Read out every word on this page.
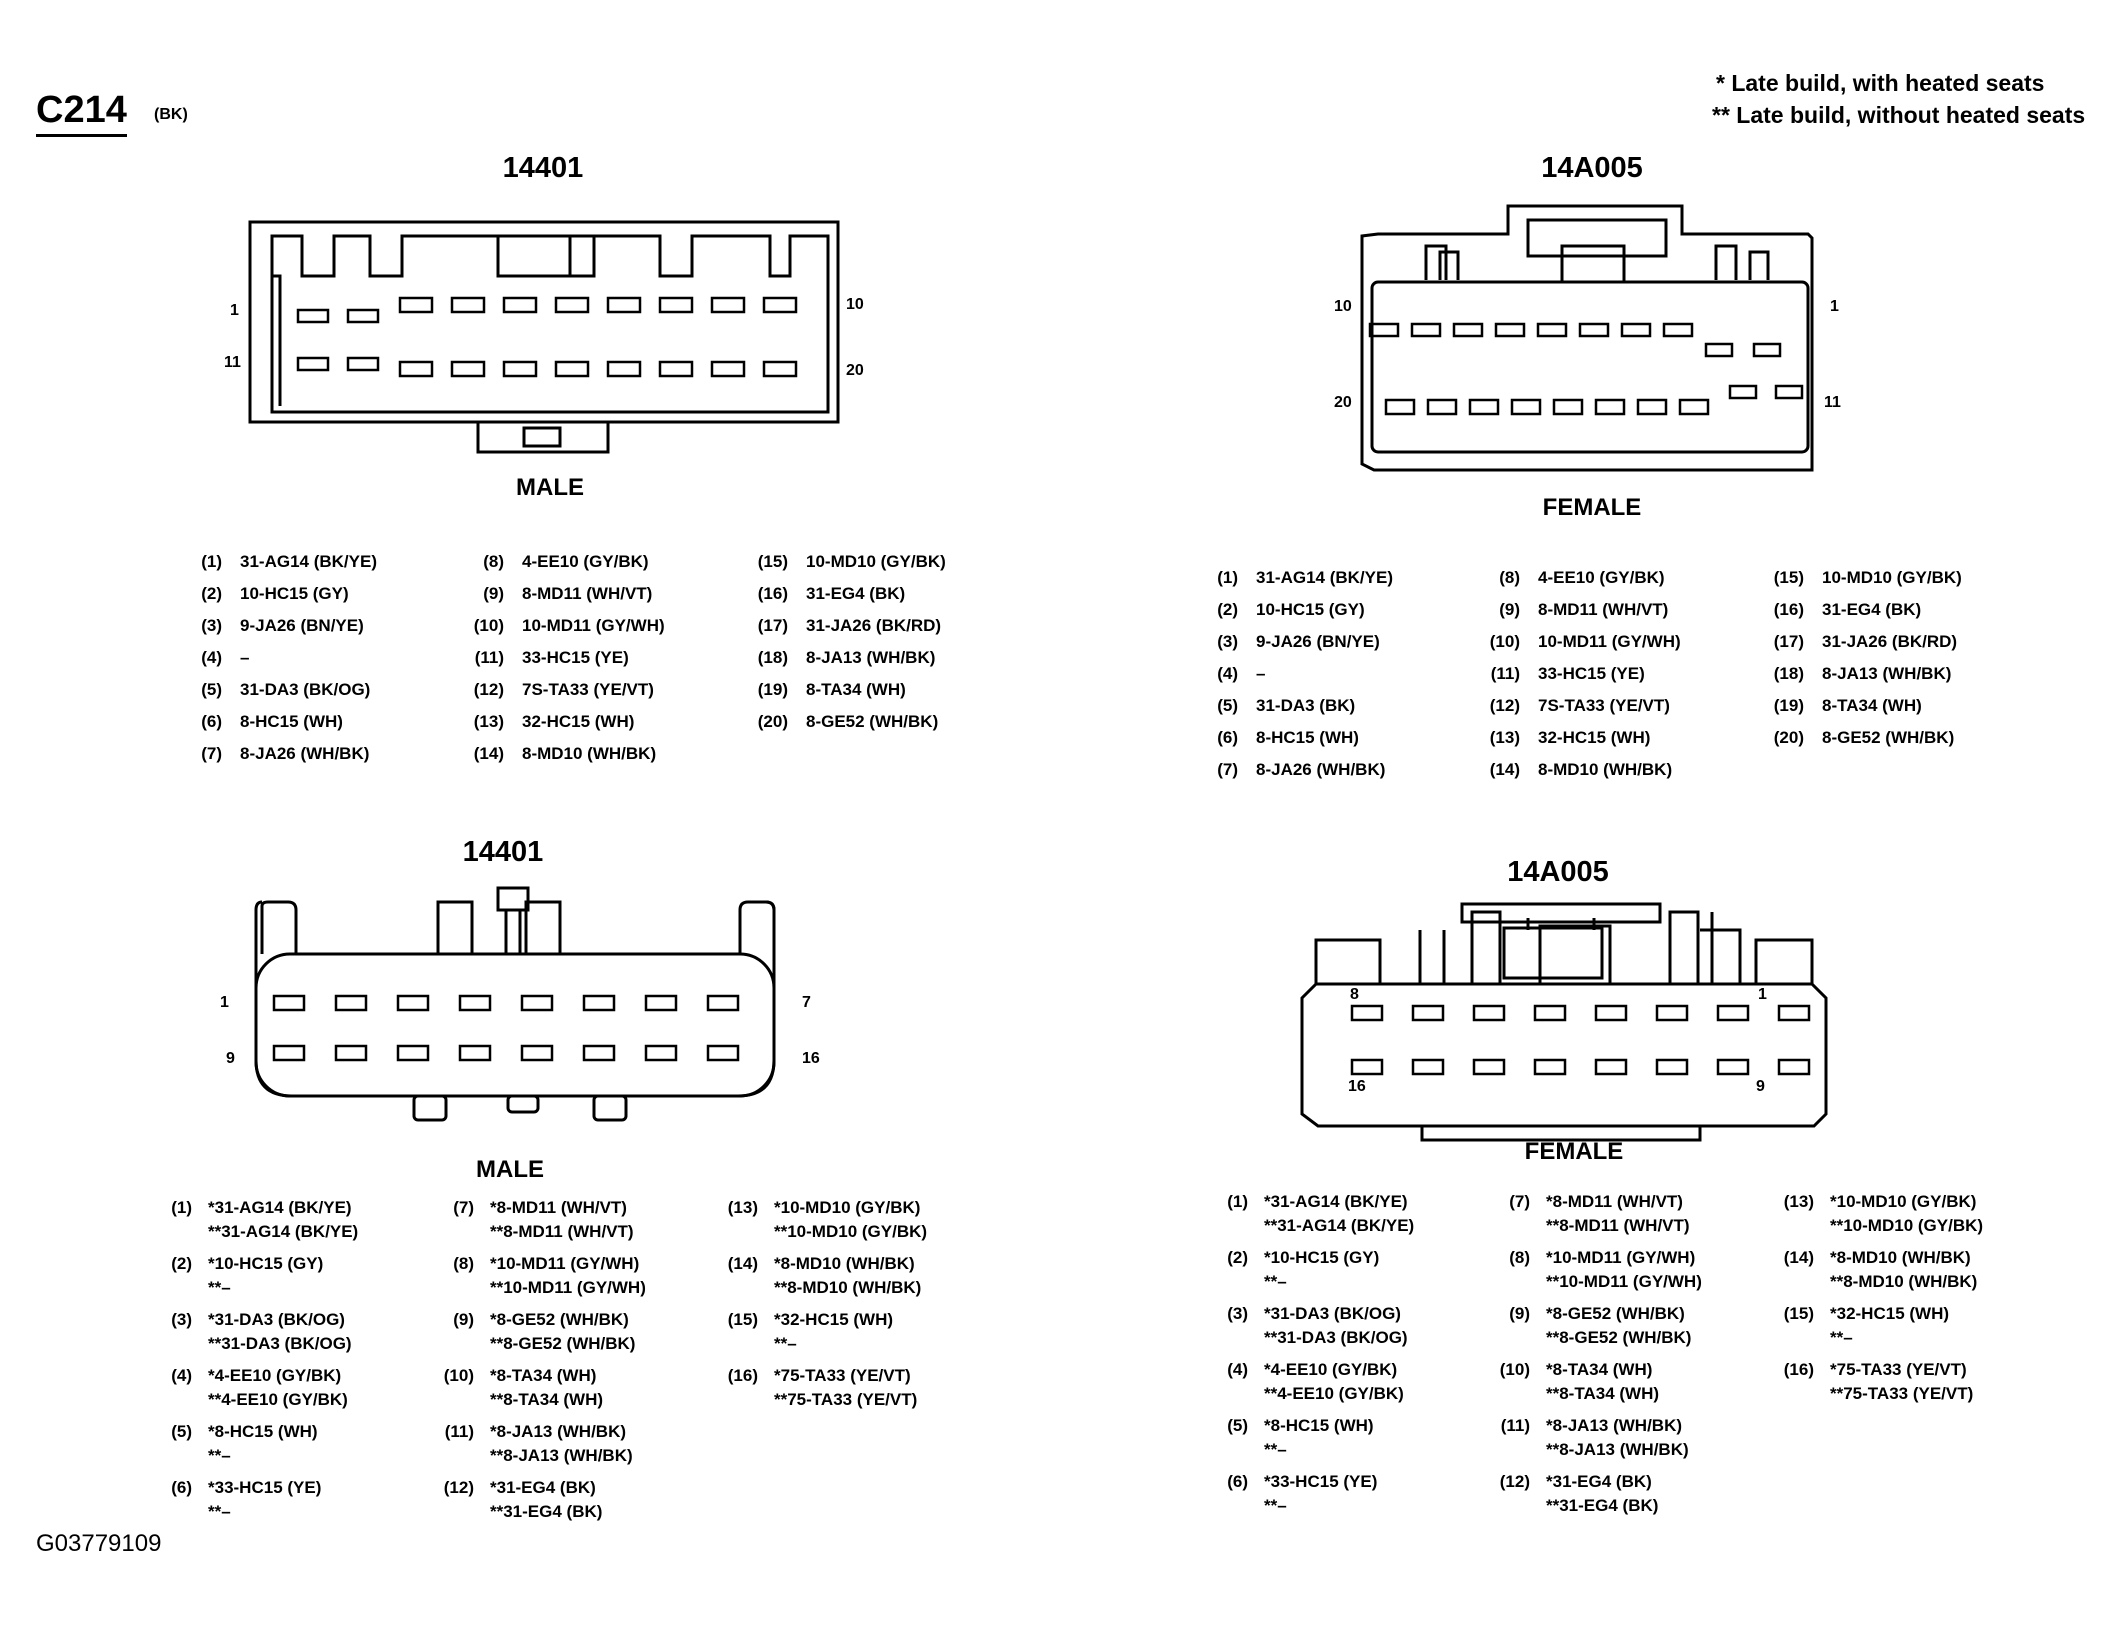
C214 (BK)
* Late build, with heated seats
** Late build, without heated seats
14401
MALE
14A005
FEMALE
14401
MALE
14A005
FEMALE
1	10
11	20
10	1
20	11
1	7
9	16
8	1
16	9
(1) 31-AG14 (BK/YE)
(2) 10-HC15 (GY)
(3) 9-JA26 (BN/YE)
(4) –
(5) 31-DA3 (BK/OG)
(6) 8-HC15 (WH)
(7) 8-JA26 (WH/BK)
(8) 4-EE10 (GY/BK)
(9) 8-MD11 (WH/VT)
(10) 10-MD11 (GY/WH)
(11) 33-HC15 (YE)
(12) 7S-TA33 (YE/VT)
(13) 32-HC15 (WH)
(14) 8-MD10 (WH/BK)
(15) 10-MD10 (GY/BK)
(16) 31-EG4 (BK)
(17) 31-JA26 (BK/RD)
(18) 8-JA13 (WH/BK)
(19) 8-TA34 (WH)
(20) 8-GE52 (WH/BK)
(1) 31-AG14 (BK/YE)
(2) 10-HC15 (GY)
(3) 9-JA26 (BN/YE)
(4) –
(5) 31-DA3 (BK)
(6) 8-HC15 (WH)
(7) 8-JA26 (WH/BK)
(8) 4-EE10 (GY/BK)
(9) 8-MD11 (WH/VT)
(10) 10-MD11 (GY/WH)
(11) 33-HC15 (YE)
(12) 7S-TA33 (YE/VT)
(13) 32-HC15 (WH)
(14) 8-MD10 (WH/BK)
(15) 10-MD10 (GY/BK)
(16) 31-EG4 (BK)
(17) 31-JA26 (BK/RD)
(18) 8-JA13 (WH/BK)
(19) 8-TA34 (WH)
(20) 8-GE52 (WH/BK)
(1) *31-AG14 (BK/YE)
**31-AG14 (BK/YE)
(2) *10-HC15 (GY)
**–
(3) *31-DA3 (BK/OG)
**31-DA3 (BK/OG)
(4) *4-EE10 (GY/BK)
**4-EE10 (GY/BK)
(5) *8-HC15 (WH)
**–
(6) *33-HC15 (YE)
**–
(7) *8-MD11 (WH/VT)
**8-MD11 (WH/VT)
(8) *10-MD11 (GY/WH)
**10-MD11 (GY/WH)
(9) *8-GE52 (WH/BK)
**8-GE52 (WH/BK)
(10) *8-TA34 (WH)
**8-TA34 (WH)
(11) *8-JA13 (WH/BK)
**8-JA13 (WH/BK)
(12) *31-EG4 (BK)
**31-EG4 (BK)
(13) *10-MD10 (GY/BK)
**10-MD10 (GY/BK)
(14) *8-MD10 (WH/BK)
**8-MD10 (WH/BK)
(15) *32-HC15 (WH)
**–
(16) *75-TA33 (YE/VT)
**75-TA33 (YE/VT)
(1) *31-AG14 (BK/YE)
**31-AG14 (BK/YE)
(2) *10-HC15 (GY)
**–
(3) *31-DA3 (BK/OG)
**31-DA3 (BK/OG)
(4) *4-EE10 (GY/BK)
**4-EE10 (GY/BK)
(5) *8-HC15 (WH)
**–
(6) *33-HC15 (YE)
**–
(7) *8-MD11 (WH/VT)
**8-MD11 (WH/VT)
(8) *10-MD11 (GY/WH)
**10-MD11 (GY/WH)
(9) *8-GE52 (WH/BK)
**8-GE52 (WH/BK)
(10) *8-TA34 (WH)
**8-TA34 (WH)
(11) *8-JA13 (WH/BK)
**8-JA13 (WH/BK)
(12) *31-EG4 (BK)
**31-EG4 (BK)
(13) *10-MD10 (GY/BK)
**10-MD10 (GY/BK)
(14) *8-MD10 (WH/BK)
**8-MD10 (WH/BK)
(15) *32-HC15 (WH)
**–
(16) *75-TA33 (YE/VT)
**75-TA33 (YE/VT)
G03779109
